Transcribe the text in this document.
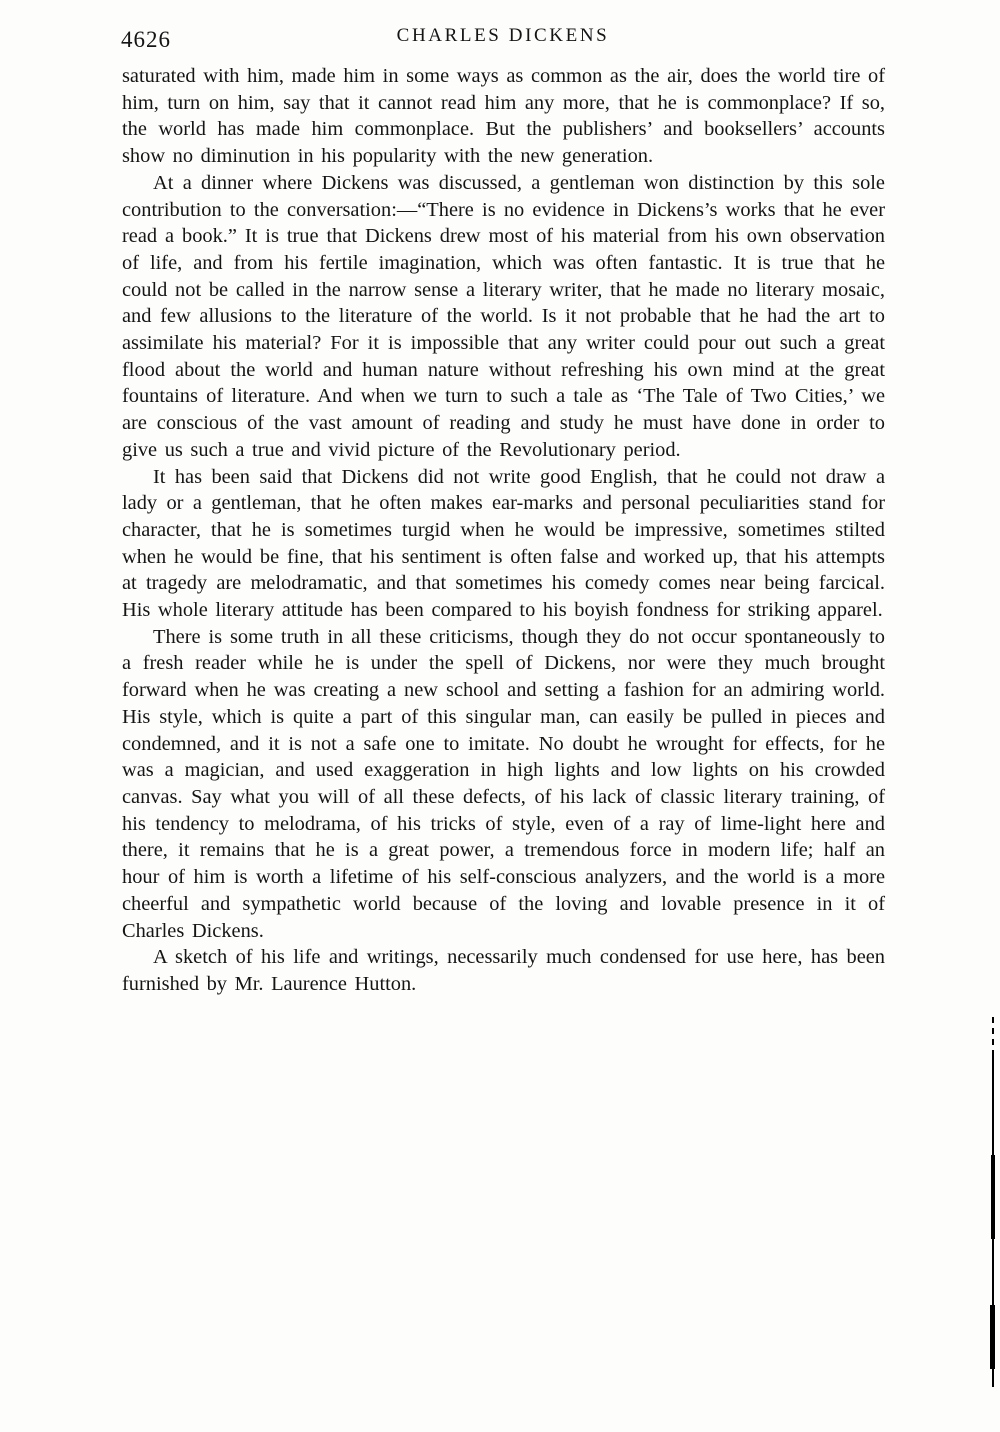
4626	CHARLES DICKENS

saturated with him, made him in some ways as common as the air, does the world tire of him, turn on him, say that it cannot read him any more, that he is commonplace? If so, the world has made him commonplace. But the publishers’ and booksellers’ accounts show no diminution in his popularity with the new generation.

At a dinner where Dickens was discussed, a gentleman won distinction by this sole contribution to the conversation:—“There is no evidence in Dickens’s works that he ever read a book.” It is true that Dickens drew most of his material from his own observation of life, and from his fertile imagination, which was often fantastic. It is true that he could not be called in the narrow sense a literary writer, that he made no literary mosaic, and few allusions to the literature of the world. Is it not probable that he had the art to assimilate his material? For it is impossible that any writer could pour out such a great flood about the world and human nature without refreshing his own mind at the great fountains of literature. And when we turn to such a tale as ‘The Tale of Two Cities,’ we are conscious of the vast amount of reading and study he must have done in order to give us such a true and vivid picture of the Revolutionary period.

It has been said that Dickens did not write good English, that he could not draw a lady or a gentleman, that he often makes ear-marks and personal peculiarities stand for character, that he is sometimes turgid when he would be impressive, sometimes stilted when he would be fine, that his sentiment is often false and worked up, that his attempts at tragedy are melodramatic, and that sometimes his comedy comes near being farcical. His whole literary attitude has been compared to his boyish fondness for striking apparel.

There is some truth in all these criticisms, though they do not occur spontaneously to a fresh reader while he is under the spell of Dickens, nor were they much brought forward when he was creating a new school and setting a fashion for an admiring world. His style, which is quite a part of this singular man, can easily be pulled in pieces and condemned, and it is not a safe one to imitate. No doubt he wrought for effects, for he was a magician, and used exaggeration in high lights and low lights on his crowded canvas. Say what you will of all these defects, of his lack of classic literary training, of his tendency to melodrama, of his tricks of style, even of a ray of lime-light here and there, it remains that he is a great power, a tremendous force in modern life; half an hour of him is worth a lifetime of his self-conscious analyzers, and the world is a more cheerful and sympathetic world because of the loving and lovable presence in it of Charles Dickens.

A sketch of his life and writings, necessarily much condensed for use here, has been furnished by Mr. Laurence Hutton.
